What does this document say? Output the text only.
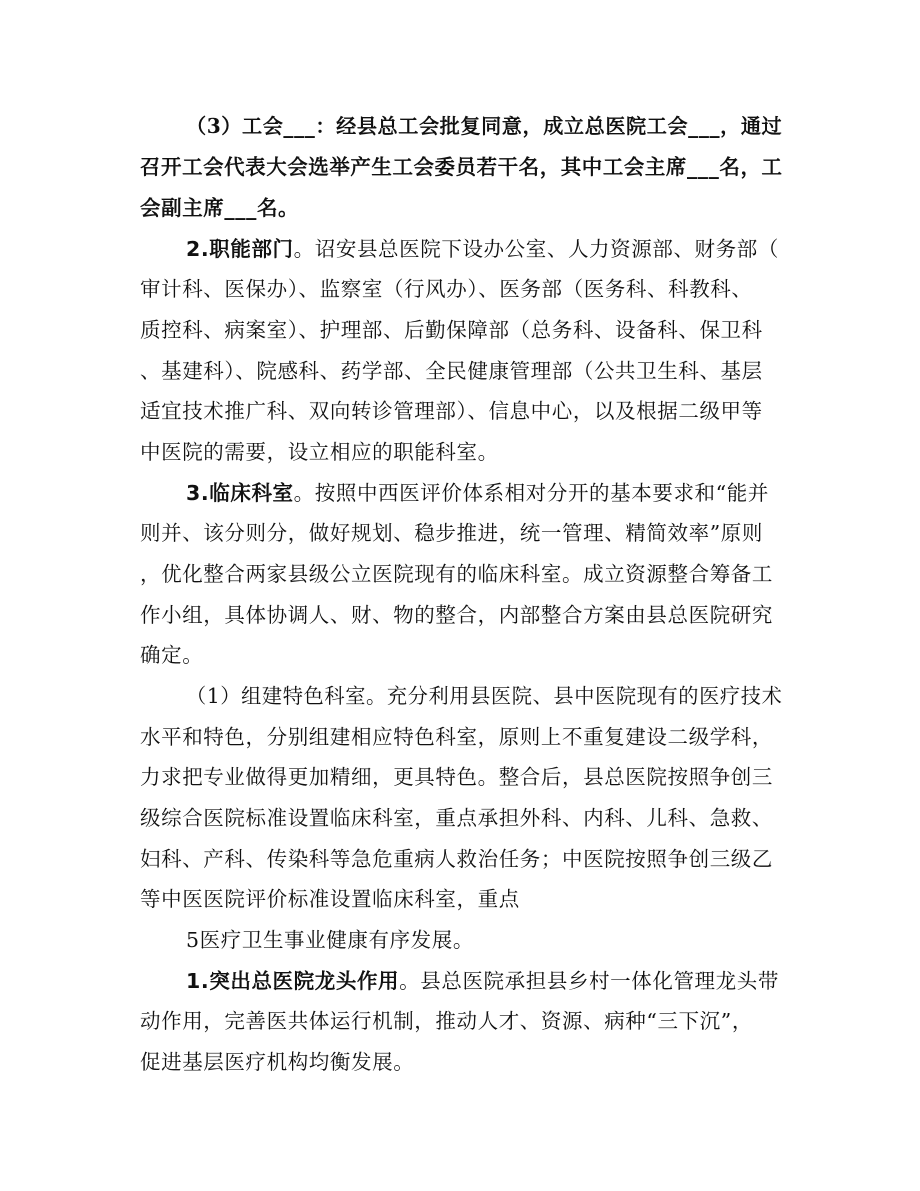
（3）工会___：经县总工会批复同意，成立总医院工会___，通过
召开工会代表大会选举产生工会委员若干名，其中工会主席___名，工
会副主席___名。
2.职能部门。诏安县总医院下设办公室、人力资源部、财务部（
审计科、医保办）、监察室（行风办）、医务部（医务科、科教科、
质控科、病案室）、护理部、后勤保障部（总务科、设备科、保卫科
、基建科）、院感科、药学部、全民健康管理部（公共卫生科、基层
适宜技术推广科、双向转诊管理部）、信息中心，以及根据二级甲等
中医院的需要，设立相应的职能科室。
3.临床科室。按照中西医评价体系相对分开的基本要求和“能并
则并、该分则分，做好规划、稳步推进，统一管理、精简效率”原则
，优化整合两家县级公立医院现有的临床科室。成立资源整合筹备工
作小组，具体协调人、财、物的整合，内部整合方案由县总医院研究
确定。
（1）组建特色科室。充分利用县医院、县中医院现有的医疗技术
水平和特色，分别组建相应特色科室，原则上不重复建设二级学科，
力求把专业做得更加精细，更具特色。整合后，县总医院按照争创三
级综合医院标准设置临床科室，重点承担外科、内科、儿科、急救、
妇科、产科、传染科等急危重病人救治任务；中医院按照争创三级乙
等中医医院评价标准设置临床科室，重点
5医疗卫生事业健康有序发展。
1.突出总医院龙头作用。县总医院承担县乡村一体化管理龙头带
动作用，完善医共体运行机制，推动人才、资源、病种“三下沉”，
促进基层医疗机构均衡发展。
